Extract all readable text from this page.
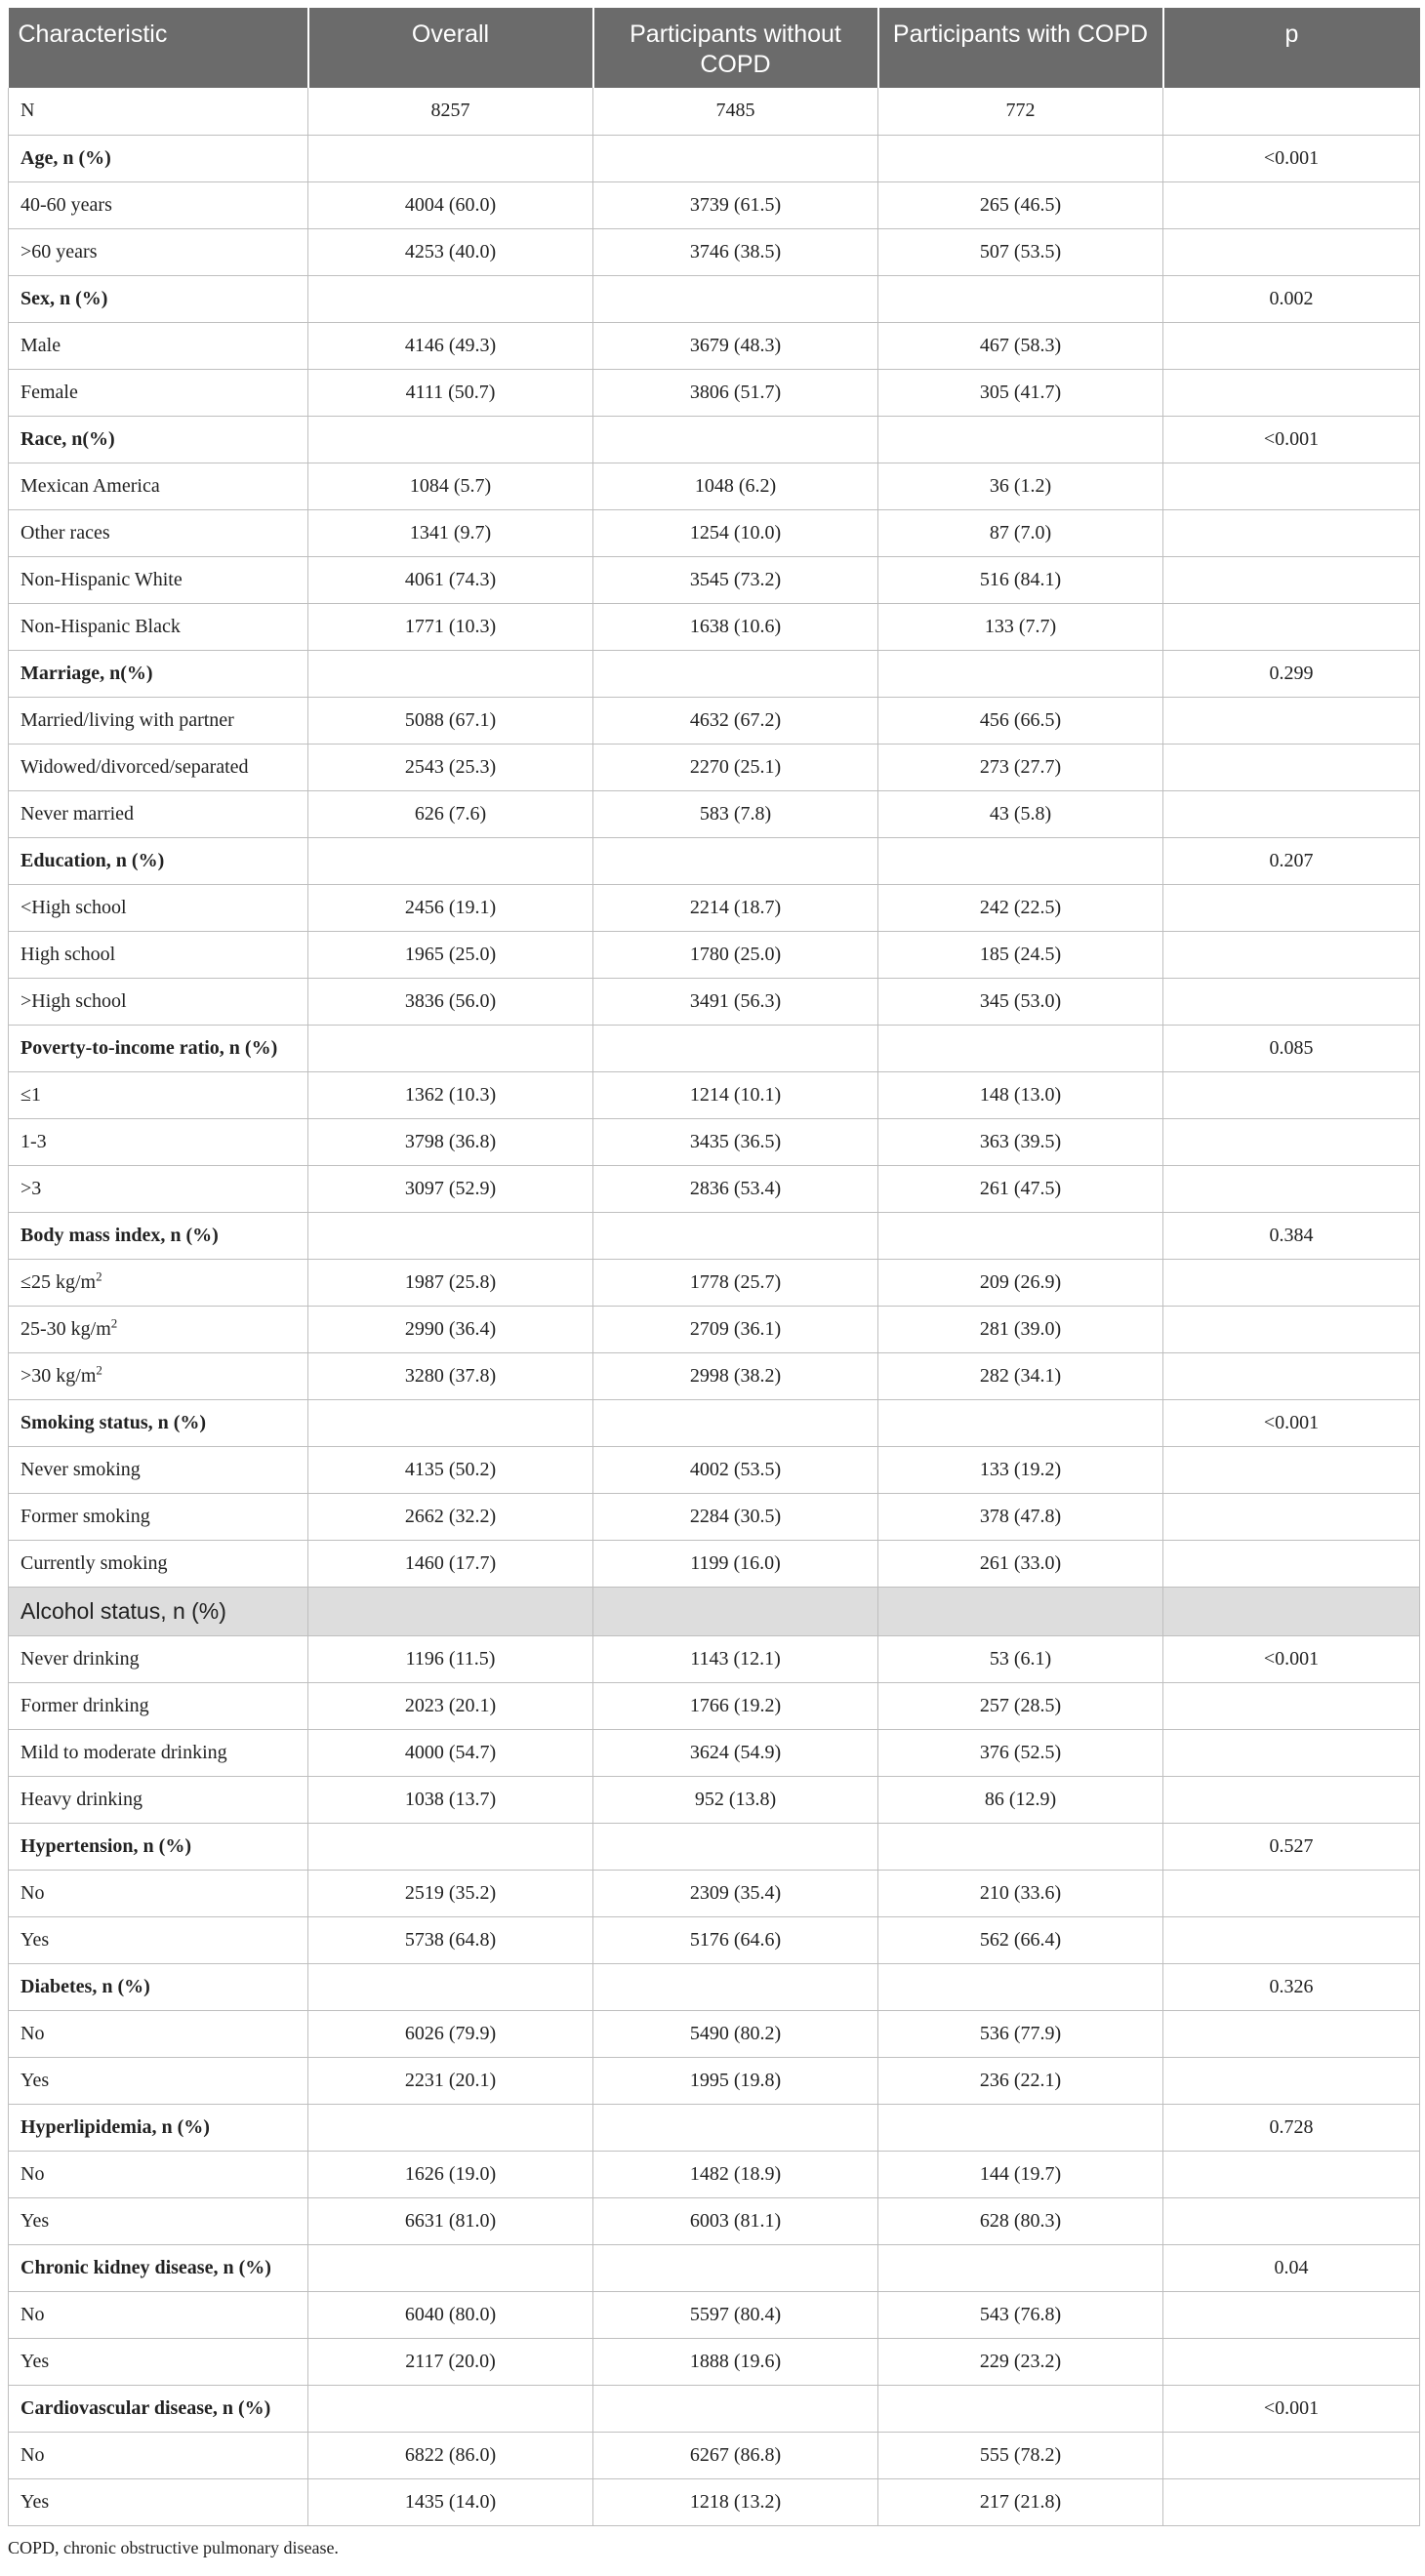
Characteristic	Overall	Participants without COPD	Participants with COPD	p
N	8257	7485	772	
Age, n (%)				<0.001
40-60 years	4004 (60.0)	3739 (61.5)	265 (46.5)	
>60 years	4253 (40.0)	3746 (38.5)	507 (53.5)	
Sex, n (%)				0.002
Male	4146 (49.3)	3679 (48.3)	467 (58.3)	
Female	4111 (50.7)	3806 (51.7)	305 (41.7)	
Race, n(%)				<0.001
Mexican America	1084 (5.7)	1048 (6.2)	36 (1.2)	
Other races	1341 (9.7)	1254 (10.0)	87 (7.0)	
Non-Hispanic White	4061 (74.3)	3545 (73.2)	516 (84.1)	
Non-Hispanic Black	1771 (10.3)	1638 (10.6)	133 (7.7)	
Marriage, n(%)				0.299
Married/living with partner	5088 (67.1)	4632 (67.2)	456 (66.5)	
Widowed/divorced/separated	2543 (25.3)	2270 (25.1)	273 (27.7)	
Never married	626 (7.6)	583 (7.8)	43 (5.8)	
Education, n (%)				0.207
<High school	2456 (19.1)	2214 (18.7)	242 (22.5)	
High school	1965 (25.0)	1780 (25.0)	185 (24.5)	
>High school	3836 (56.0)	3491 (56.3)	345 (53.0)	
Poverty-to-income ratio, n (%)				0.085
≤1	1362 (10.3)	1214 (10.1)	148 (13.0)	
1-3	3798 (36.8)	3435 (36.5)	363 (39.5)	
>3	3097 (52.9)	2836 (53.4)	261 (47.5)	
Body mass index, n (%)				0.384
≤25 $kg/m^2$	1987 (25.8)	1778 (25.7)	209 (26.9)	
25-30 $kg/m^2$	2990 (36.4)	2709 (36.1)	281 (39.0)	
>30 $kg/m^2$	3280 (37.8)	2998 (38.2)	282 (34.1)	
Smoking status, n (%)				<0.001
Never smoking	4135 (50.2)	4002 (53.5)	133 (19.2)	
Former smoking	2662 (32.2)	2284 (30.5)	378 (47.8)	
Currently smoking	1460 (17.7)	1199 (16.0)	261 (33.0)	
Alcohol status, n (%)				
Never drinking	1196 (11.5)	1143 (12.1)	53 (6.1)	<0.001
Former drinking	2023 (20.1)	1766 (19.2)	257 (28.5)	
Mild to moderate drinking	4000 (54.7)	3624 (54.9)	376 (52.5)	
Heavy drinking	1038 (13.7)	952 (13.8)	86 (12.9)	
Hypertension, n (%)				0.527
No	2519 (35.2)	2309 (35.4)	210 (33.6)	
Yes	5738 (64.8)	5176 (64.6)	562 (66.4)	
Diabetes, n (%)				0.326
No	6026 (79.9)	5490 (80.2)	536 (77.9)	
Yes	2231 (20.1)	1995 (19.8)	236 (22.1)	
Hyperlipidemia, n (%)				0.728
No	1626 (19.0)	1482 (18.9)	144 (19.7)	
Yes	6631 (81.0)	6003 (81.1)	628 (80.3)	
Chronic kidney disease, n (%)				0.04
No	6040 (80.0)	5597 (80.4)	543 (76.8)	
Yes	2117 (20.0)	1888 (19.6)	229 (23.2)	
Cardiovascular disease, n (%)				<0.001
No	6822 (86.0)	6267 (86.8)	555 (78.2)	
Yes	1435 (14.0)	1218 (13.2)	217 (21.8)	
COPD, chronic obstructive pulmonary disease.
